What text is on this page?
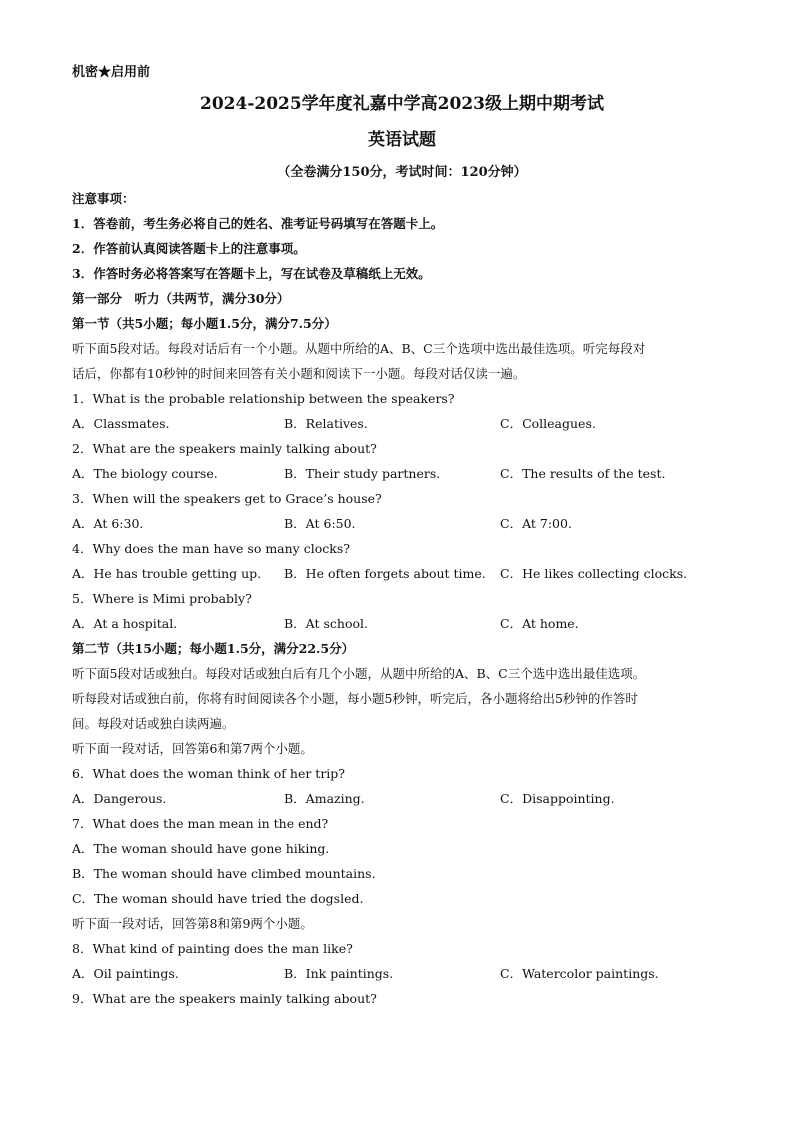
机密★启用前
2024-2025学年度礼嘉中学高2023级上期中期考试
英语试题
（全卷满分150分，考试时间：120分钟）
注意事项：
1．答卷前，考生务必将自己的姓名、准考证号码填写在答题卡上。
2．作答前认真阅读答题卡上的注意事项。
3．作答时务必将答案写在答题卡上，写在试卷及草稿纸上无效。
第一部分　听力（共两节，满分30分）
第一节（共5小题；每小题1.5分，满分7.5分）
听下面5段对话。每段对话后有一个小题。从题中所给的A、B、C三个选项中选出最佳选项。听完每段对
话后，你都有10秒钟的时间来回答有关小题和阅读下一小题。每段对话仅读一遍。
1．What is the probable relationship between the speakers?
A．Classmates.	B．Relatives.	C．Colleagues.
2．What are the speakers mainly talking about?
A．The biology course.	B．Their study partners.	C．The results of the test.
3．When will the speakers get to Grace’s house?
A．At 6:30.	B．At 6:50.	C．At 7:00.
4．Why does the man have so many clocks?
A．He has trouble getting up. B．He often forgets about time. C．He likes collecting clocks.
5．Where is Mimi probably?
A．At a hospital.	B．At school.	C．At home.
第二节（共15小题；每小题1.5分，满分22.5分）
听下面5段对话或独白。每段对话或独白后有几个小题，从题中所给的A、B、C三个选中选出最佳选项。
听每段对话或独白前，你将有时间阅读各个小题，每小题5秒钟，听完后，各小题将给出5秒钟的作答时
间。每段对话或独白读两遍。
听下面一段对话，回答第6和第7两个小题。
6．What does the woman think of her trip?
A．Dangerous.	B．Amazing.	C．Disappointing.
7．What does the man mean in the end?
A．The woman should have gone hiking.
B．The woman should have climbed mountains.
C．The woman should have tried the dogsled.
听下面一段对话，回答第8和第9两个小题。
8．What kind of painting does the man like?
A．Oil paintings.	B．Ink paintings.	C．Watercolor paintings.
9．What are the speakers mainly talking about?
